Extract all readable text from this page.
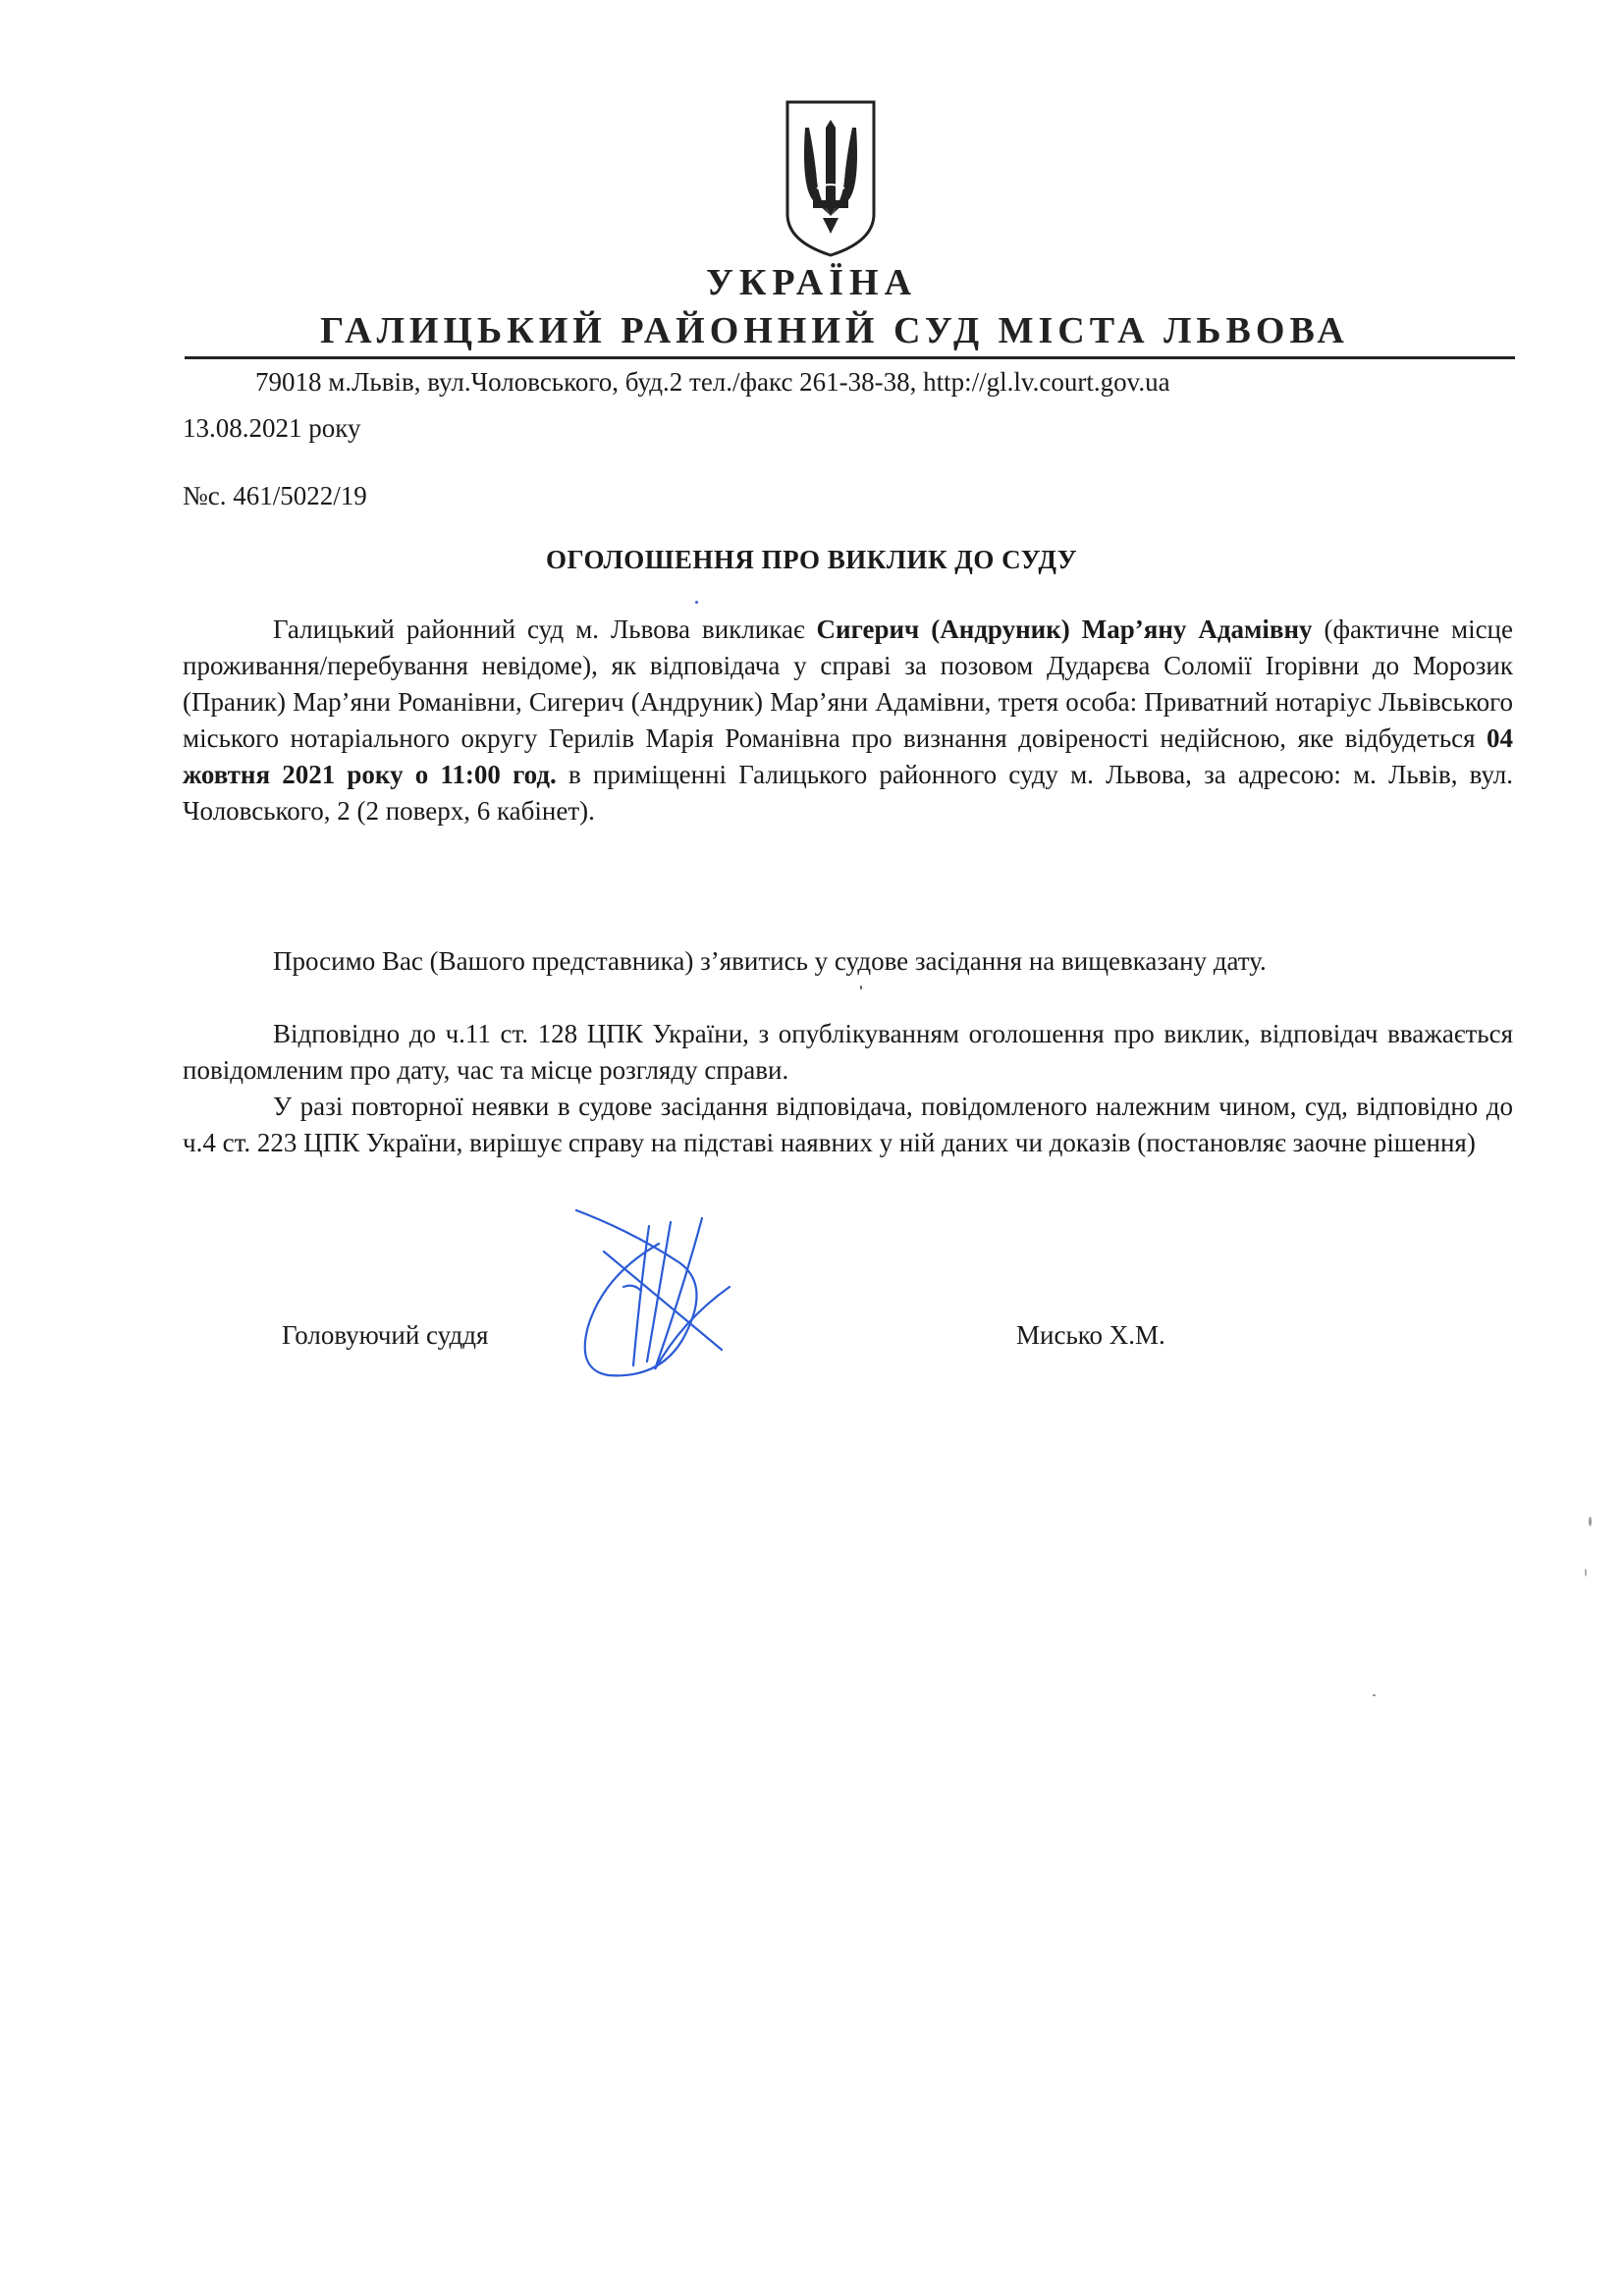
УКРАЇНА
ГАЛИЦЬКИЙ РАЙОННИЙ СУД МІСТА ЛЬВОВА
79018 м.Львів, вул.Чоловського, буд.2 тел./факс 261-38-38, http://gl.lv.court.gov.ua
13.08.2021 року
№с. 461/5022/19
ОГОЛОШЕННЯ ПРО ВИКЛИК ДО СУДУ

Галицький районний суд м. Львова викликає Сигерич (Андруник) Мар’яну Адамівну (фактичне місце проживання/перебування невідоме), як відповідача у справі за позовом Дударєва Соломії Ігорівни до Морозик (Праник) Мар’яни Романівни, Сигерич (Андруник) Мар’яни Адамівни, третя особа: Приватний нотаріус Львівського міського нотаріального округу Герилів Марія Романівна про визнання довіреності недійсною, яке відбудеться 04 жовтня 2021 року о 11:00 год. в приміщенні Галицького районного суду м. Львова, за адресою: м. Львів, вул. Чоловського, 2 (2 поверх, 6 кабінет).

Просимо Вас (Вашого представника) з’явитись у судове засідання на вищевказану дату.

Відповідно до ч.11 ст. 128 ЦПК України, з опублікуванням оголошення про виклик, відповідач вважається повідомленим про дату, час та місце розгляду справи.

У разі повторної неявки в судове засідання відповідача, повідомленого належним чином, суд, відповідно до ч.4 ст. 223 ЦПК України, вирішує справу на підставі наявних у ній даних чи доказів (постановляє заочне рішення)

Головуючий суддя	Мисько Х.М.
